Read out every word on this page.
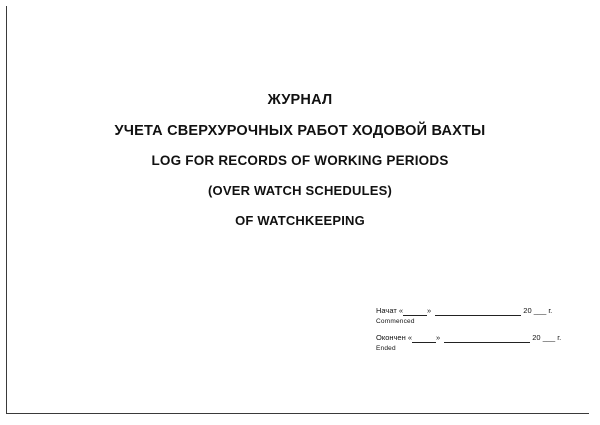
ЖУРНАЛ
УЧЕТА СВЕРХУРОЧНЫХ РАБОТ ХОДОВОЙ ВАХТЫ
LOG FOR RECORDS OF WORKING PERIODS
(OVER WATCH SCHEDULES)
OF WATCHKEEPING
Начат «	»	20 ___ г.
Commenced
Окончен «	»	20 ___ г.
Ended
